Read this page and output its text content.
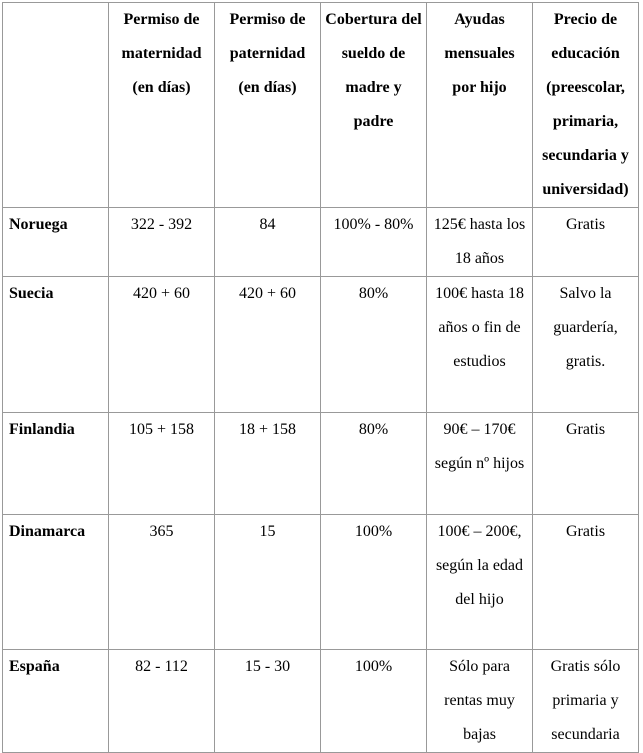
	Permiso de maternidad (en días)	Permiso de paternidad (en días)	Cobertura del sueldo de madre y padre	Ayudas mensuales por hijo	Precio de educación (preescolar, primaria, secundaria y universidad)
Noruega	322 - 392	84	100% - 80%	125€ hasta los 18 años	Gratis
Suecia	420 + 60	420 + 60	80%	100€ hasta 18 años o fin de estudios	Salvo la guardería, gratis.
Finlandia	105 + 158	18 + 158	80%	90€ – 170€ según nº hijos	Gratis
Dinamarca	365	15	100%	100€ – 200€, según la edad del hijo	Gratis
España	82 - 112	15 - 30	100%	Sólo para rentas muy bajas	Gratis sólo primaria y secundaria
